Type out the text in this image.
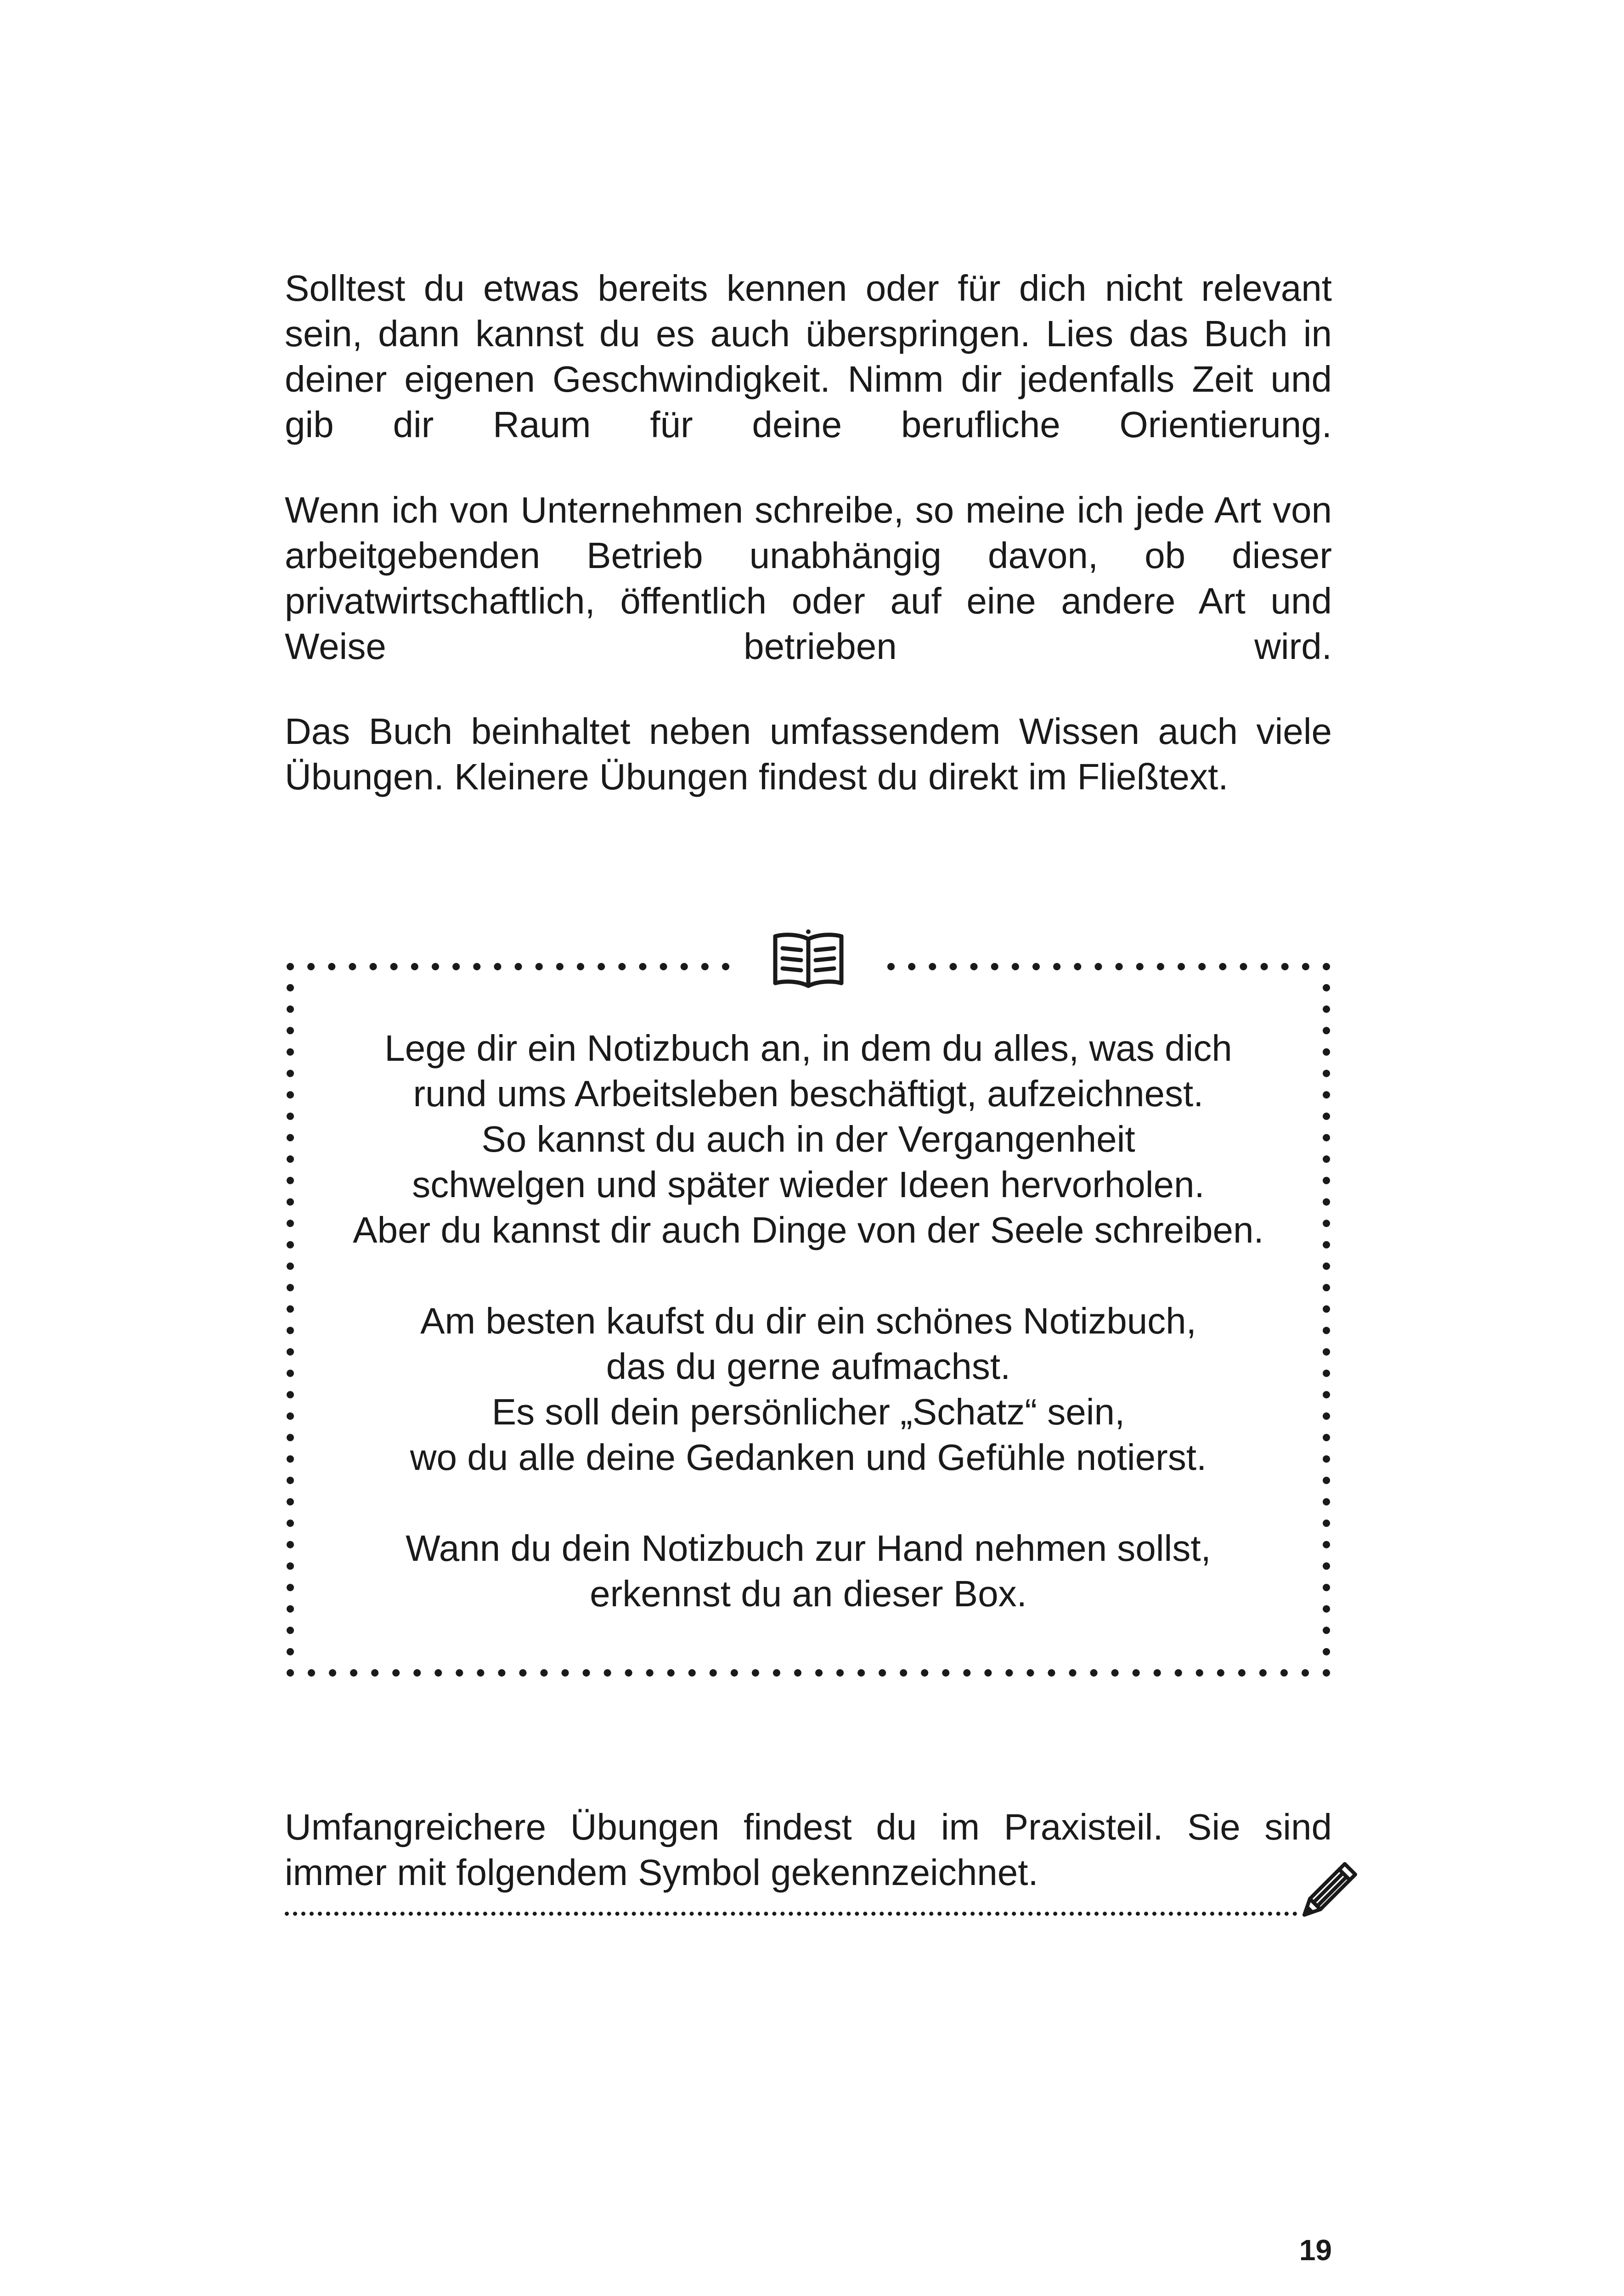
Solltest du etwas bereits kennen oder für dich nicht relevant sein, dann kannst du es auch überspringen. Lies das Buch in deiner eigenen Geschwindigkeit. Nimm dir jedenfalls Zeit und gib dir Raum für deine berufliche Orientierung.

Wenn ich von Unternehmen schreibe, so meine ich jede Art von arbeitgebenden Betrieb unabhängig davon, ob dieser privatwirtschaftlich, öffentlich oder auf eine andere Art und Weise betrieben wird.

Das Buch beinhaltet neben umfassendem Wissen auch viele Übungen. Kleinere Übungen findest du direkt im Fließtext.

Lege dir ein Notizbuch an, in dem du alles, was dich
rund ums Arbeitsleben beschäftigt, aufzeichnest.
So kannst du auch in der Vergangenheit
schwelgen und später wieder Ideen hervorholen.
Aber du kannst dir auch Dinge von der Seele schreiben.
Am besten kaufst du dir ein schönes Notizbuch,
das du gerne aufmachst.
Es soll dein persönlicher „Schatz“ sein,
wo du alle deine Gedanken und Gefühle notierst.
Wann du dein Notizbuch zur Hand nehmen sollst,
erkennst du an dieser Box.

Umfangreichere Übungen findest du im Praxisteil. Sie sind immer mit folgendem Symbol gekennzeichnet.

19
